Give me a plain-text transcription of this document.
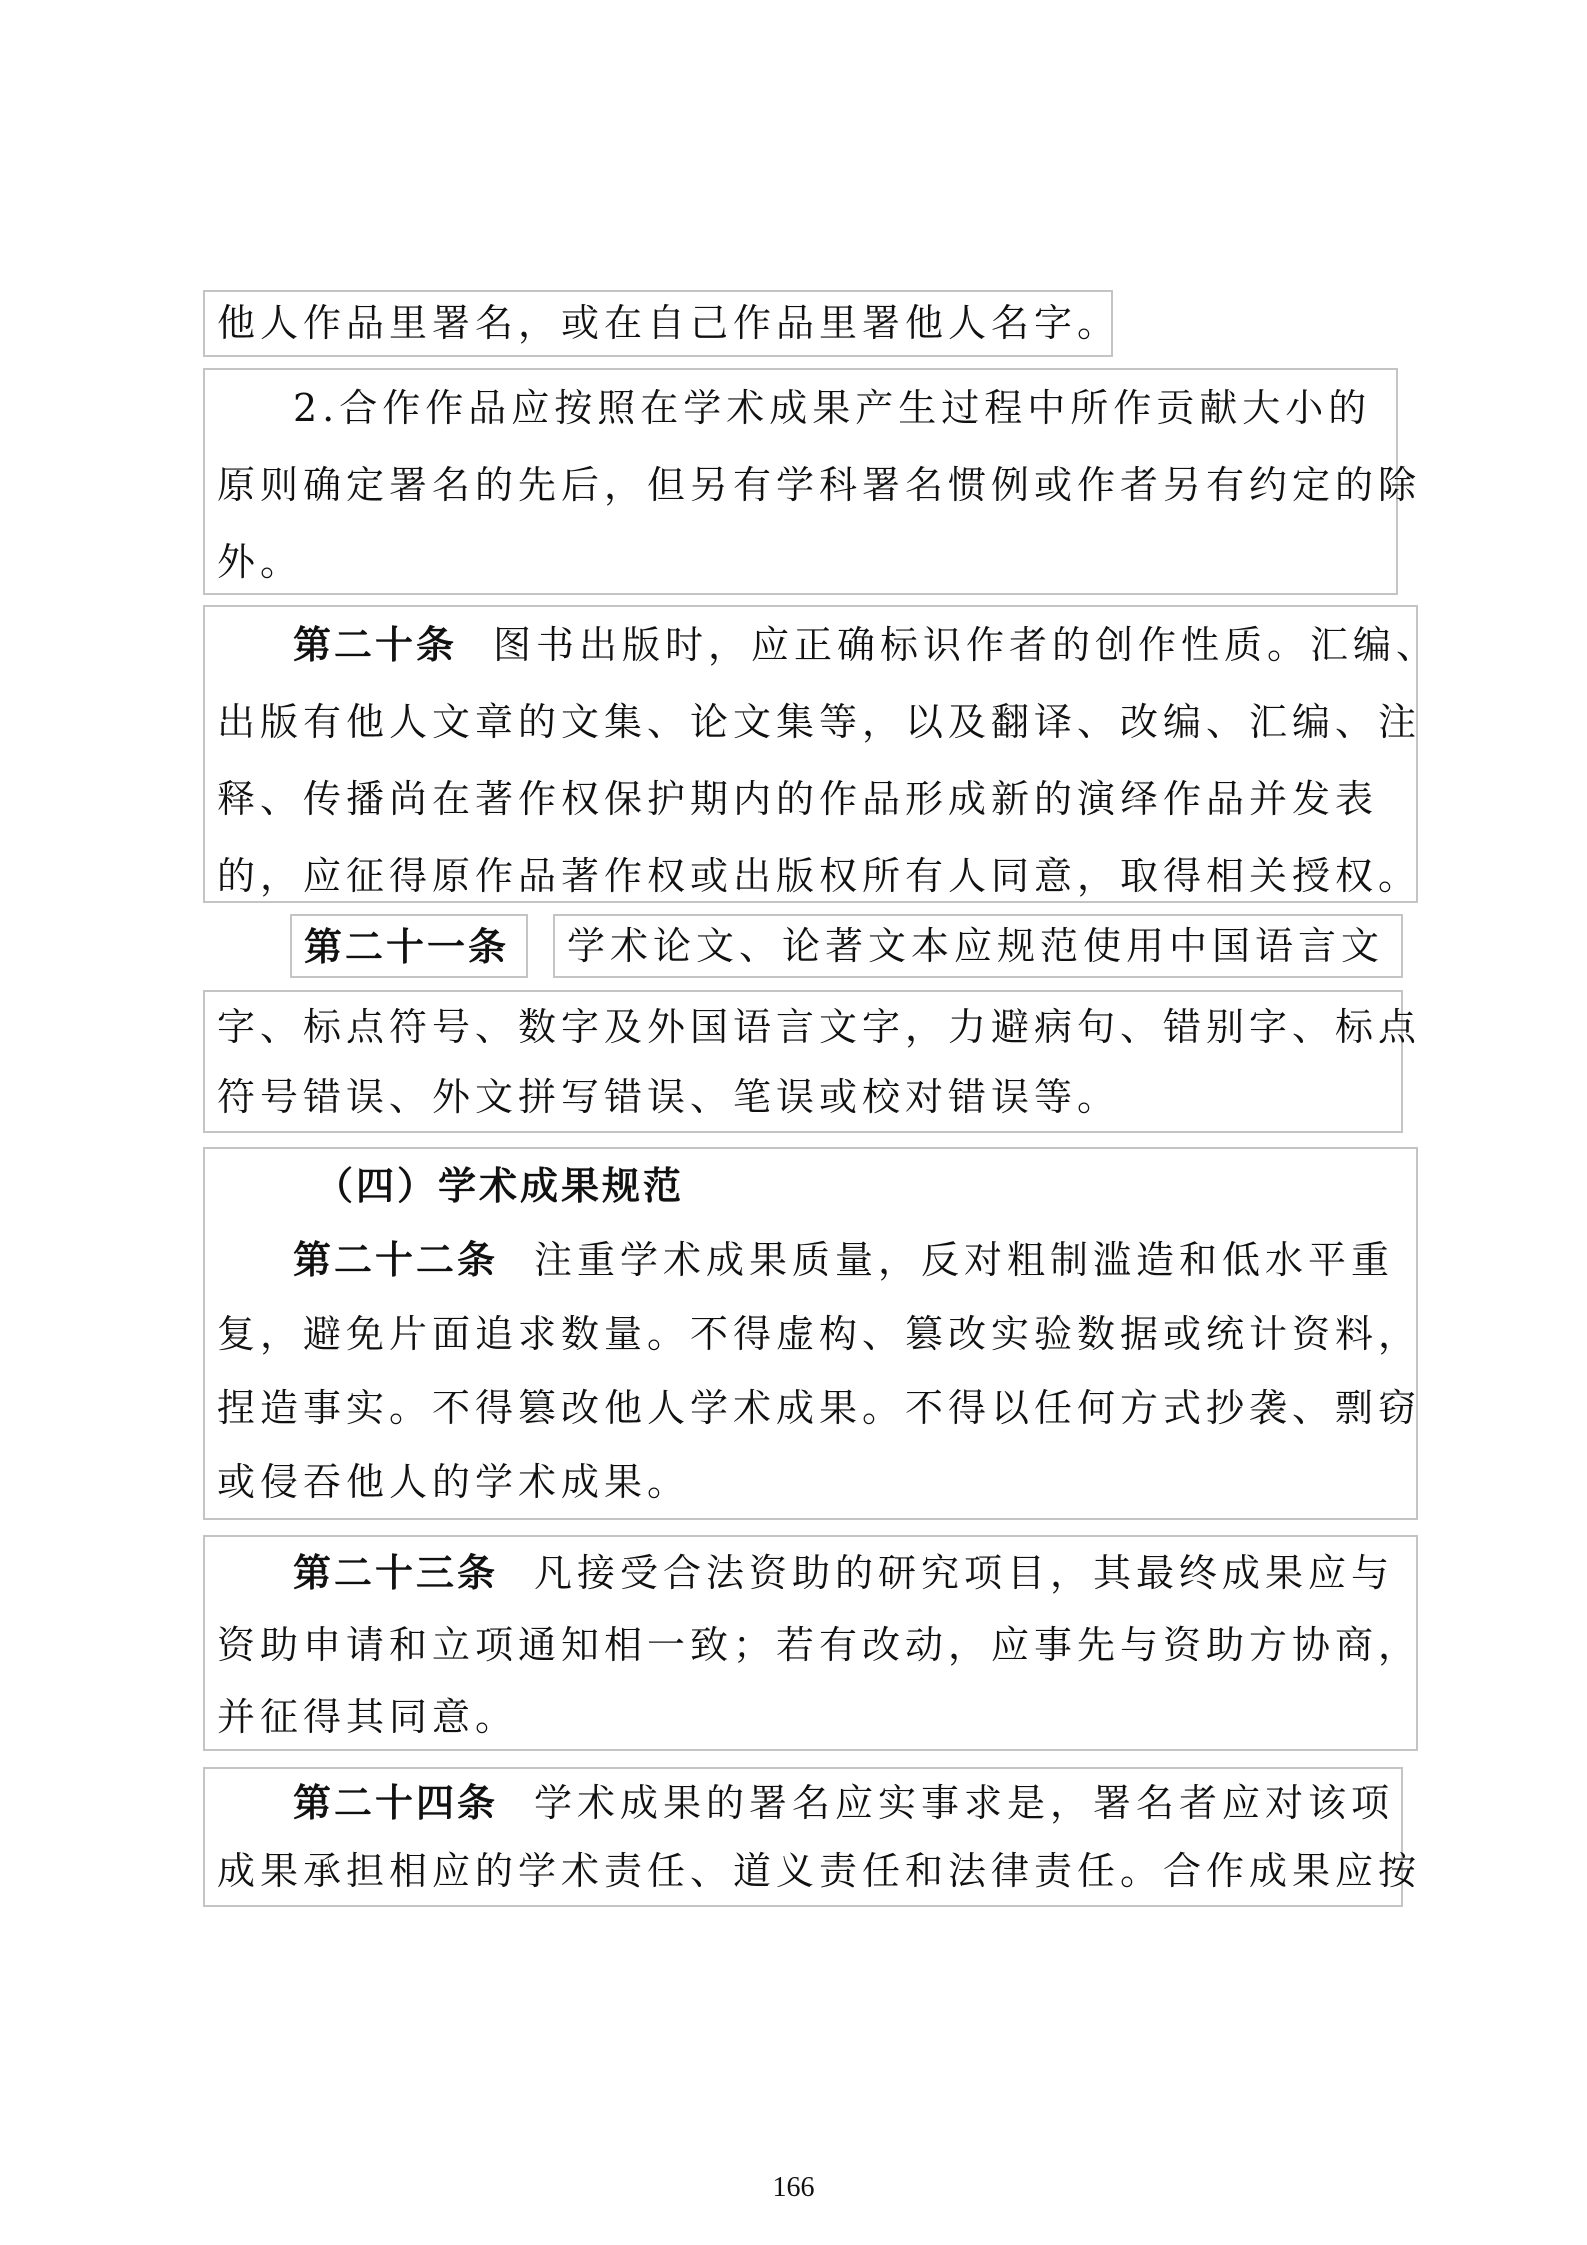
他人作品里署名，或在自己作品里署他人名字。
2.合作作品应按照在学术成果产生过程中所作贡献大小的
原则确定署名的先后，但另有学科署名惯例或作者另有约定的除
外。
第二十条 图书出版时，应正确标识作者的创作性质。汇编、
出版有他人文章的文集、论文集等，以及翻译、改编、汇编、注
释、传播尚在著作权保护期内的作品形成新的演绎作品并发表
的，应征得原作品著作权或出版权所有人同意，取得相关授权。
第二十一条	学术论文、论著文本应规范使用中国语言文
字、标点符号、数字及外国语言文字，力避病句、错别字、标点
符号错误、外文拼写错误、笔误或校对错误等。
（四）学术成果规范
第二十二条 注重学术成果质量，反对粗制滥造和低水平重
复，避免片面追求数量。不得虚构、篡改实验数据或统计资料，
捏造事实。不得篡改他人学术成果。不得以任何方式抄袭、剽窃
或侵吞他人的学术成果。
第二十三条 凡接受合法资助的研究项目，其最终成果应与
资助申请和立项通知相一致；若有改动，应事先与资助方协商，
并征得其同意。
第二十四条 学术成果的署名应实事求是，署名者应对该项
成果承担相应的学术责任、道义责任和法律责任。合作成果应按
166
